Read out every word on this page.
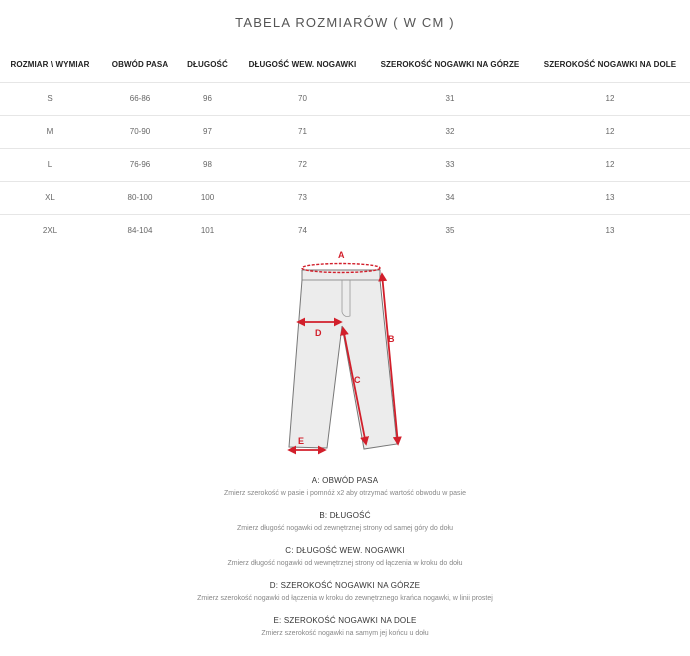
TABELA ROZMIARÓW ( W CM )
ROZMIAR \ WYMIAR	OBWÓD PASA	DŁUGOŚĆ	DŁUGOŚĆ WEW. NOGAWKI	SZEROKOŚĆ NOGAWKI NA GÓRZE	SZEROKOŚĆ NOGAWKI NA DOLE
S	66-86	96	70	31	12
M	70-90	97	71	32	12
L	76-96	98	72	33	12
XL	80-100	100	73	34	13
2XL	84-104	101	74	35	13
A
B
C
D
E
A: OBWÓD PASA
Zmierz szerokość w pasie i pomnóż x2 aby otrzymać wartość obwodu w pasie
B: DŁUGOŚĆ
Zmierz długość nogawki od zewnętrznej strony od samej góry do dołu
C: DŁUGOŚĆ WEW. NOGAWKI
Zmierz długość nogawki od wewnętrznej strony od łączenia w kroku do dołu
D: SZEROKOŚĆ NOGAWKI NA GÓRZE
Zmierz szerokość nogawki od łączenia w kroku do zewnętrznego krańca nogawki, w linii prostej
E: SZEROKOŚĆ NOGAWKI NA DOLE
Zmierz szerokość nogawki na samym jej końcu u dołu
